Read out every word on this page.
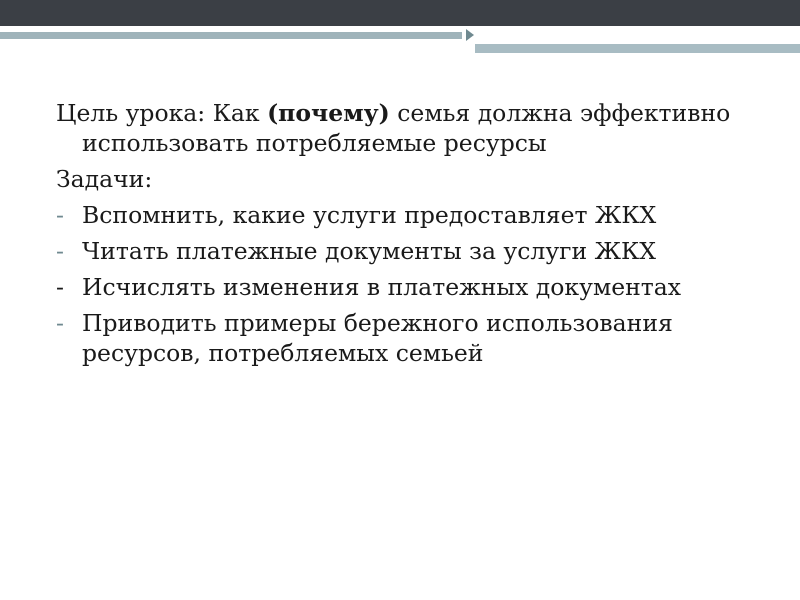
Цель урока: Как (почему) семья должна эффективно использовать потребляемые ресурсы

Задачи:

- Вспомнить, какие услуги предоставляет ЖКХ
- Читать платежные документы за услуги ЖКХ
- Исчислять изменения в платежных документах
- Приводить примеры бережного использования ресурсов, потребляемых семьей
